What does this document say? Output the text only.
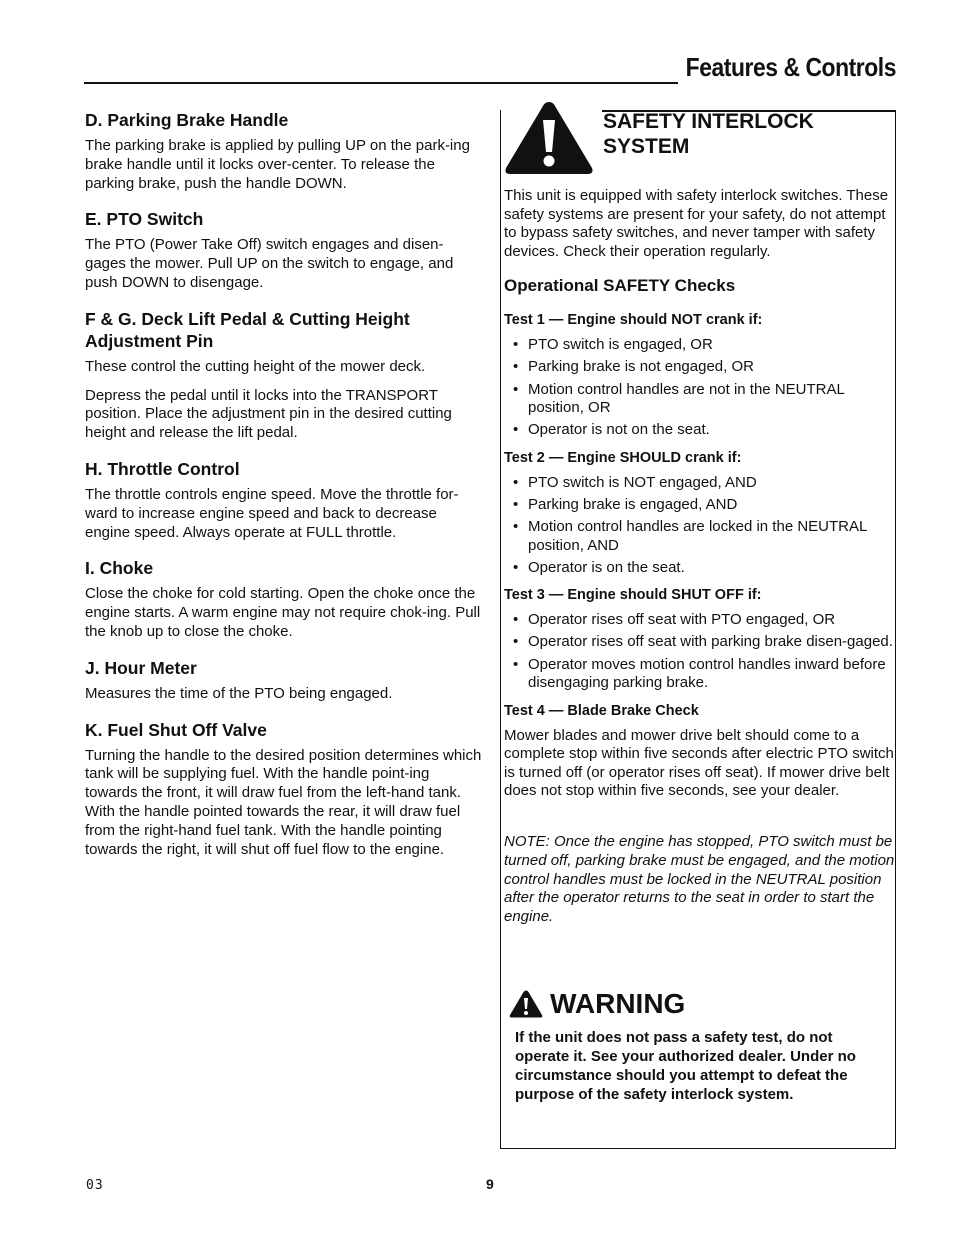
Features & Controls
D. Parking Brake Handle

The parking brake is applied by pulling UP on the park-ing brake handle until it locks over-center. To release the parking brake, push the handle DOWN.

E. PTO Switch

The PTO (Power Take Off) switch engages and disen-gages the mower. Pull UP on the switch to engage, and push DOWN to disengage.

F & G. Deck Lift Pedal & Cutting Height Adjustment Pin

These control the cutting height of the mower deck.

Depress the pedal until it locks into the TRANSPORT position. Place the adjustment pin in the desired cutting height and release the lift pedal.

H. Throttle Control

The throttle controls engine speed. Move the throttle for-ward to increase engine speed and back to decrease engine speed. Always operate at FULL throttle.

I. Choke

Close the choke for cold starting. Open the choke once the engine starts. A warm engine may not require chok-ing. Pull the knob up to close the choke.

J. Hour Meter

Measures the time of the PTO being engaged.

K. Fuel Shut Off Valve

Turning the handle to the desired position determines which tank will be supplying fuel. With the handle point-ing towards the front, it will draw fuel from the left-hand tank. With the handle pointed towards the rear, it will draw fuel from the right-hand fuel tank. With the handle pointing towards the right, it will shut off fuel flow to the engine.

SAFETY INTERLOCK SYSTEM

This unit is equipped with safety interlock switches. These safety systems are present for your safety, do not attempt to bypass safety switches, and never tamper with safety devices. Check their operation regularly.

Operational SAFETY Checks
Test 1 — Engine should NOT crank if:
• PTO switch is engaged, OR
• Parking brake is not engaged, OR
• Motion control handles are not in the NEUTRAL position, OR
• Operator is not on the seat.
Test 2 — Engine SHOULD crank if:
• PTO switch is NOT engaged, AND
• Parking brake is engaged, AND
• Motion control handles are locked in the NEUTRAL position, AND
• Operator is on the seat.
Test 3 — Engine should SHUT OFF if:
• Operator rises off seat with PTO engaged, OR
• Operator rises off seat with parking brake disen-gaged.
• Operator moves motion control handles inward before disengaging parking brake.
Test 4 — Blade Brake Check

Mower blades and mower drive belt should come to a complete stop within five seconds after electric PTO switch is turned off (or operator rises off seat). If mower drive belt does not stop within five seconds, see your dealer.

NOTE: Once the engine has stopped, PTO switch must be turned off, parking brake must be engaged, and the motion control handles must be locked in the NEUTRAL position after the operator returns to the seat in order to start the engine.

WARNING
If the unit does not pass a safety test, do not operate it. See your authorized dealer. Under no circumstance should you attempt to defeat the purpose of the safety interlock system.
03	9
